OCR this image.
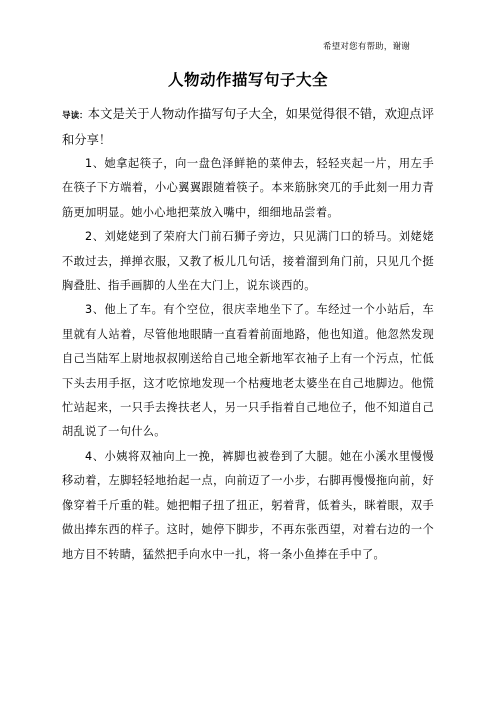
希望对您有帮助，谢谢
人物动作描写句子大全
导读：本文是关于人物动作描写句子大全，如果觉得很不错，欢迎点评和分享！

1、她拿起筷子，向一盘色泽鲜艳的菜伸去，轻轻夹起一片，用左手在筷子下方端着，小心翼翼跟随着筷子。本来筋脉突兀的手此刻一用力青筋更加明显。她小心地把菜放入嘴中，细细地品尝着。

2、刘姥姥到了荣府大门前石狮子旁边，只见满门口的轿马。刘姥姥不敢过去，掸掸衣服，又教了板儿几句话，接着溜到角门前，只见几个挺胸叠肚、指手画脚的人坐在大门上，说东谈西的。

3、他上了车。有个空位，很庆幸地坐下了。车经过一个小站后，车里就有人站着，尽管他地眼睛一直看着前面地路，他也知道。他忽然发现自己当陆军上尉地叔叔刚送给自己地全新地军衣袖子上有一个污点，忙低下头去用手抠，这才吃惊地发现一个枯瘦地老太婆坐在自己地脚边。他慌忙站起来，一只手去搀扶老人，另一只手指着自己地位子，他不知道自己胡乱说了一句什么。

4、小姨将双袖向上一挽，裤脚也被卷到了大腿。她在小溪水里慢慢移动着，左脚轻轻地抬起一点，向前迈了一小步，右脚再慢慢拖向前，好像穿着千斤重的鞋。她把帽子扭了扭正，躬着背，低着头，眯着眼，双手做出捧东西的样子。这时，她停下脚步，不再东张西望，对着右边的一个地方目不转睛，猛然把手向水中一扎，将一条小鱼捧在手中了。
